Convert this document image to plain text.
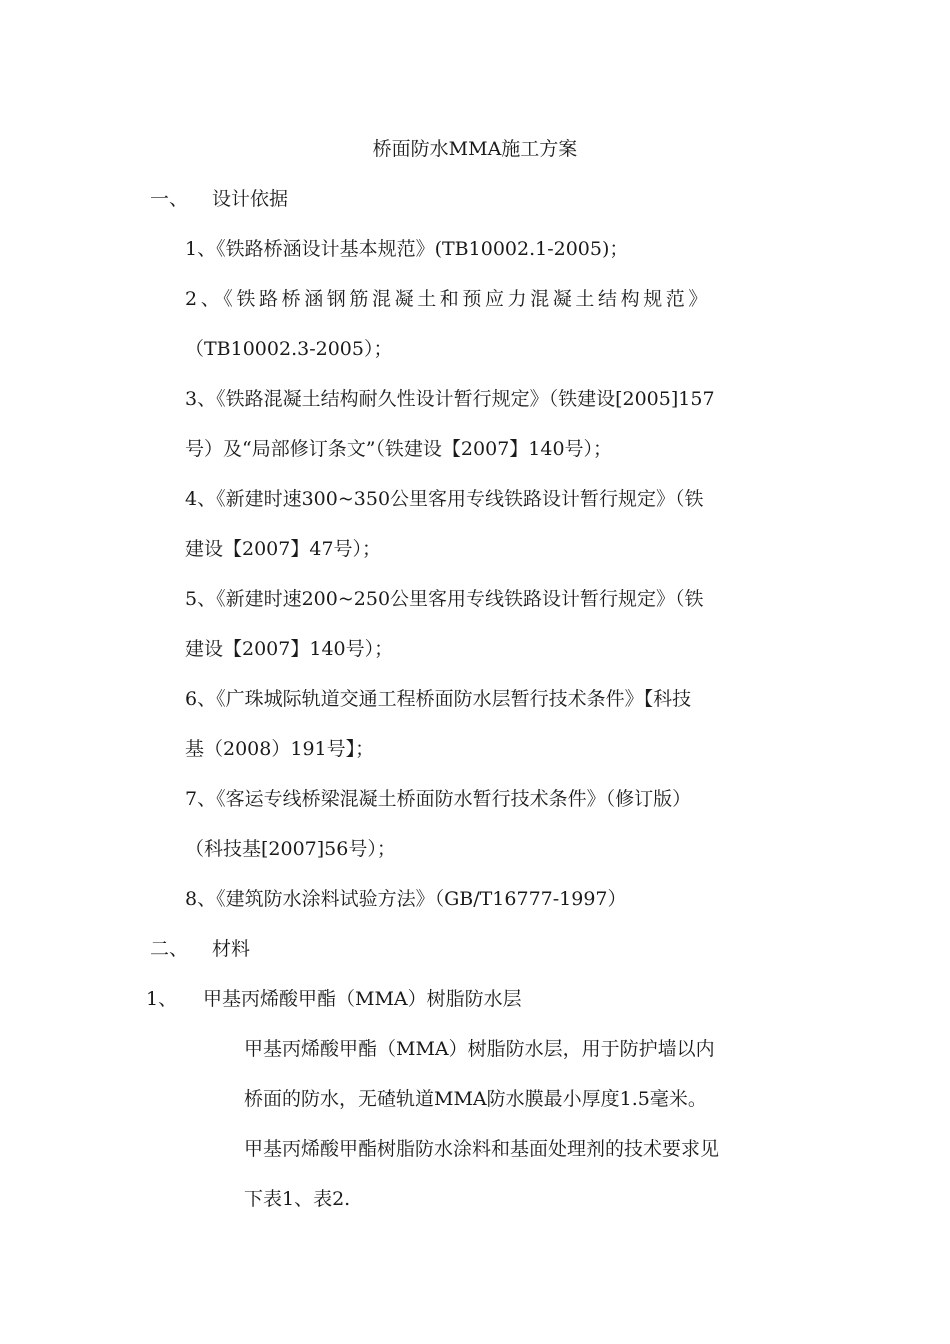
桥面防水MMA施工方案
一、 设计依据
1、《铁路桥涵设计基本规范》(TB10002.1-2005)；
2、《铁路桥涵钢筋混凝土和预应力混凝土结构规范》
（TB10002.3-2005）；
3、《铁路混凝土结构耐久性设计暂行规定》（铁建设[2005]157
号）及“局部修订条文”（铁建设【2007】140号）；
4、《新建时速300~350公里客用专线铁路设计暂行规定》（铁
建设【2007】47号）；
5、《新建时速200~250公里客用专线铁路设计暂行规定》（铁
建设【2007】140号）；
6、《广珠城际轨道交通工程桥面防水层暂行技术条件》【科技
基（2008）191号】；
7、《客运专线桥梁混凝土桥面防水暂行技术条件》（修订版）
（科技基[2007]56号）；
8、《建筑防水涂料试验方法》（GB/T16777-1997）
二、 材料
1、 甲基丙烯酸甲酯（MMA）树脂防水层
甲基丙烯酸甲酯（MMA）树脂防水层，用于防护墙以内
桥面的防水，无碴轨道MMA防水膜最小厚度1.5毫米。
甲基丙烯酸甲酯树脂防水涂料和基面处理剂的技术要求见
下表1、表2.
